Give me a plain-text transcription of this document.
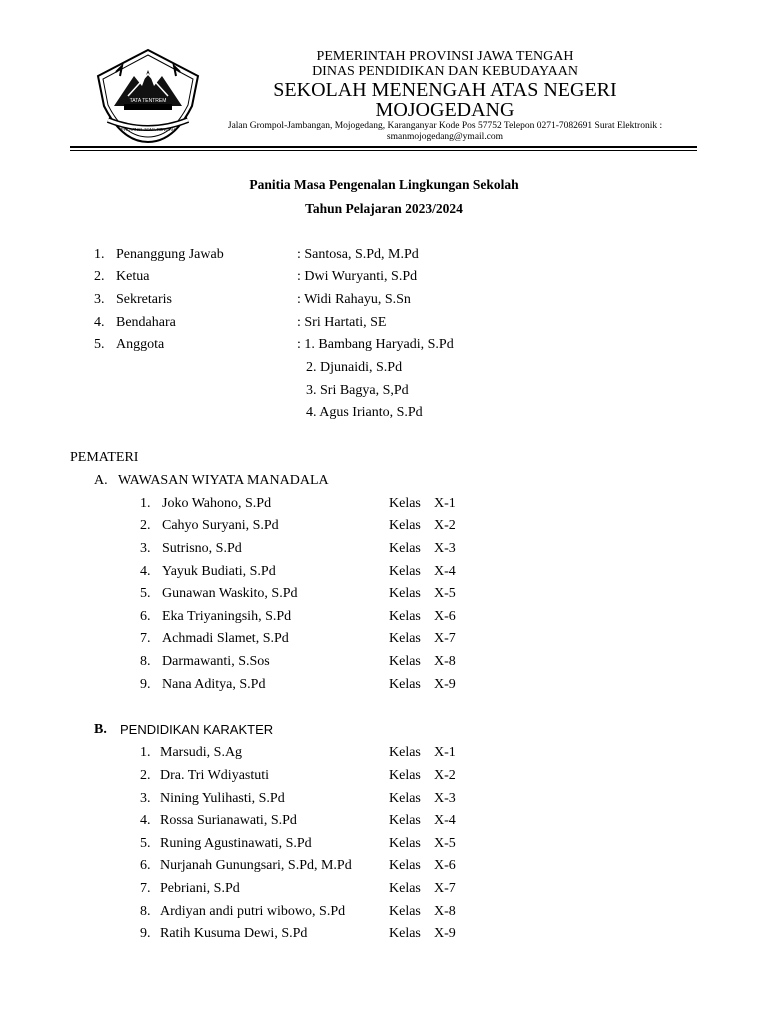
TATA TENTREM
PROVINSI JAWA TENGAH
PEMERINTAH PROVINSI JAWA TENGAH
DINAS PENDIDIKAN DAN KEBUDAYAAN
SEKOLAH MENENGAH ATAS NEGERI
MOJOGEDANG
Jalan Grompol-Jambangan, Mojogedang, Karanganyar Kode Pos 57752 Telepon 0271-7082691 Surat Elektronik : smanmojogedang@ymail.com
Panitia Masa Pengenalan Lingkungan Sekolah
Tahun Pelajaran 2023/2024
1. Penanggung Jawab	: Santosa, S.Pd, M.Pd
2. Ketua	: Dwi Wuryanti, S.Pd
3. Sekretaris	: Widi Rahayu, S.Sn
4. Bendahara	: Sri Hartati, SE
5. Anggota	: 1. Bambang Haryadi, S.Pd
2. Djunaidi, S.Pd
3. Sri Bagya, S,Pd
4. Agus Irianto, S.Pd
PEMATERI
A. WAWASAN WIYATA MANADALA
1. Joko Wahono, S.Pd	Kelas X-1
2. Cahyo Suryani, S.Pd	Kelas X-2
3. Sutrisno, S.Pd	Kelas X-3
4. Yayuk Budiati, S.Pd	Kelas X-4
5. Gunawan Waskito, S.Pd	Kelas X-5
6. Eka Triyaningsih, S.Pd	Kelas X-6
7. Achmadi Slamet, S.Pd	Kelas X-7
8. Darmawanti, S.Sos	Kelas X-8
9. Nana Aditya, S.Pd	Kelas X-9
B. PENDIDIKAN KARAKTER
1. Marsudi, S.Ag	Kelas X-1
2. Dra. Tri Wdiyastuti	Kelas X-2
3. Nining Yulihasti, S.Pd	Kelas X-3
4. Rossa Surianawati, S.Pd	Kelas X-4
5. Runing Agustinawati, S.Pd	Kelas X-5
6. Nurjanah Gunungsari, S.Pd, M.Pd	Kelas X-6
7. Pebriani, S.Pd	Kelas X-7
8. Ardiyan andi putri wibowo, S.Pd	Kelas X-8
9. Ratih Kusuma Dewi, S.Pd	Kelas X-9
